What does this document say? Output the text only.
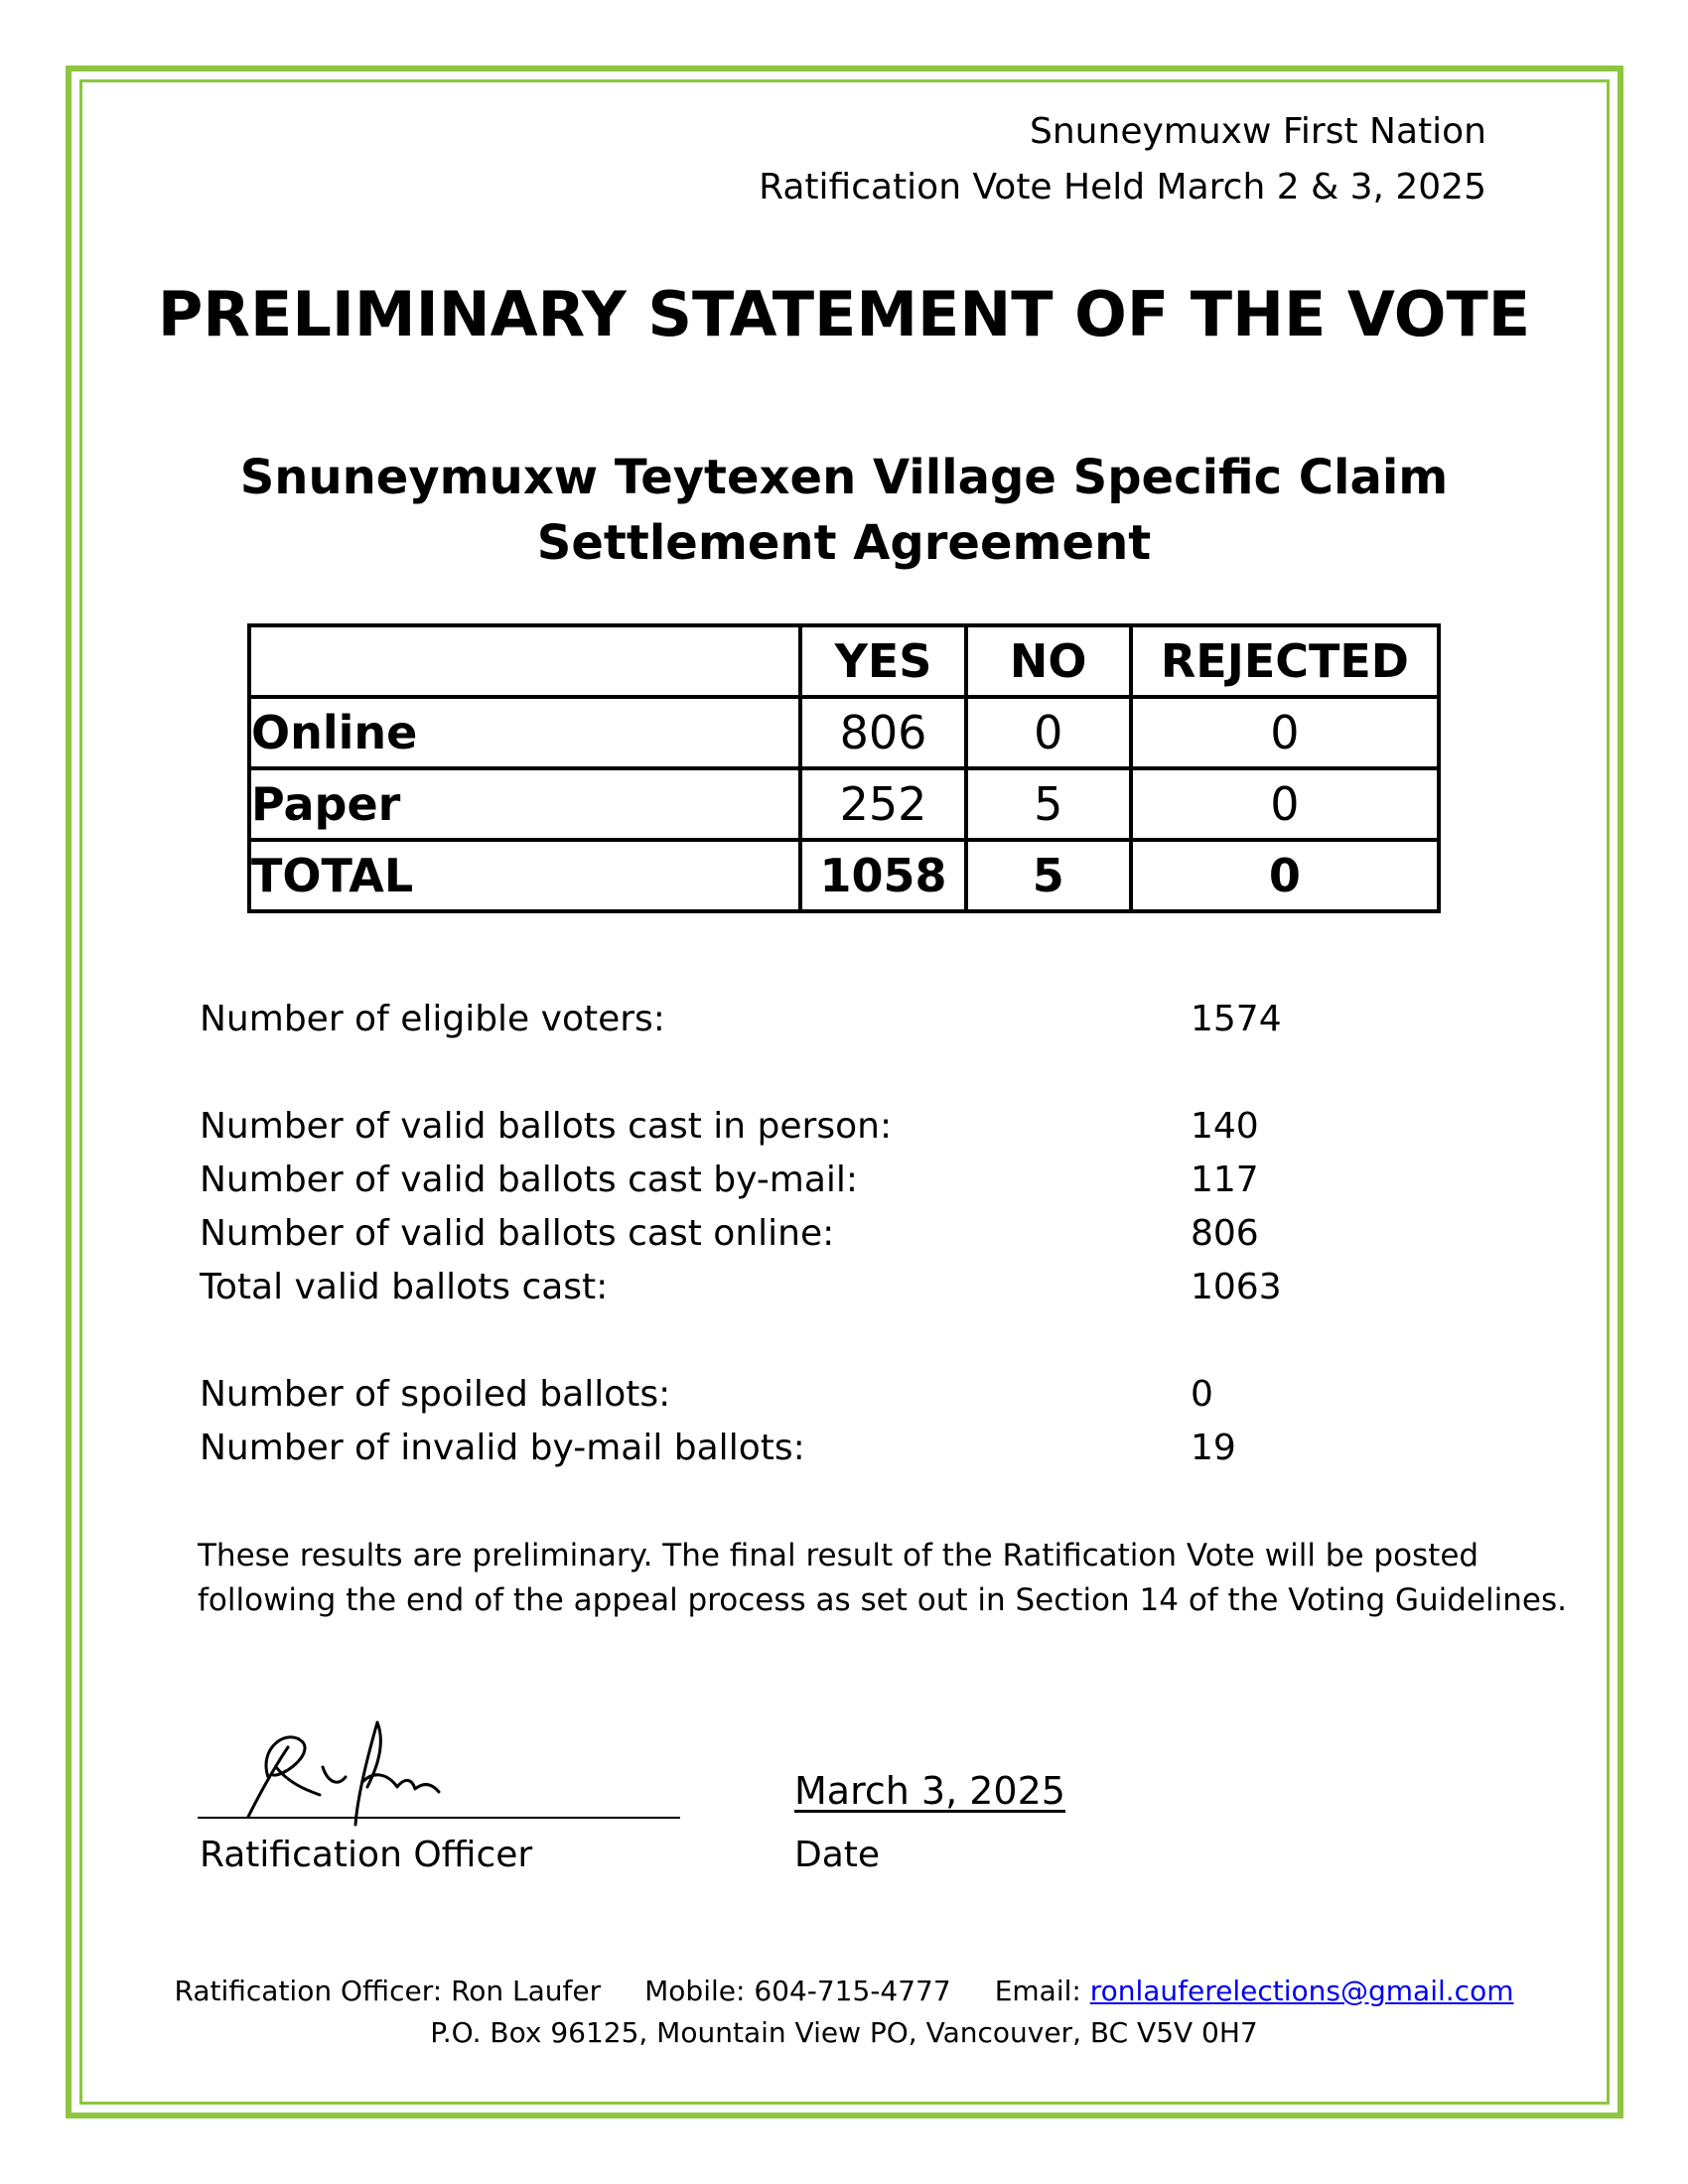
Snuneymuxw First Nation
Ratification Vote Held March 2 & 3, 2025
PRELIMINARY STATEMENT OF THE VOTE
Snuneymuxw Teytexen Village Specific Claim
Settlement Agreement
	YES	NO	REJECTED
Online	806	0	0
Paper	252	5	0
TOTAL	1058	5	0
Number of eligible voters:	1574
Number of valid ballots cast in person:	140
Number of valid ballots cast by-mail:	117
Number of valid ballots cast online:	806
Total valid ballots cast:	1063
Number of spoiled ballots:	0
Number of invalid by-mail ballots:	19
These results are preliminary. The final result of the Ratification Vote will be posted
following the end of the appeal process as set out in Section 14 of the Voting Guidelines.
Ratification Officer
March 3, 2025
Date
Ratification Officer: Ron Laufer Mobile: 604-715-4777 Email: ronlauferelections@gmail.com
P.O. Box 96125, Mountain View PO, Vancouver, BC V5V 0H7
